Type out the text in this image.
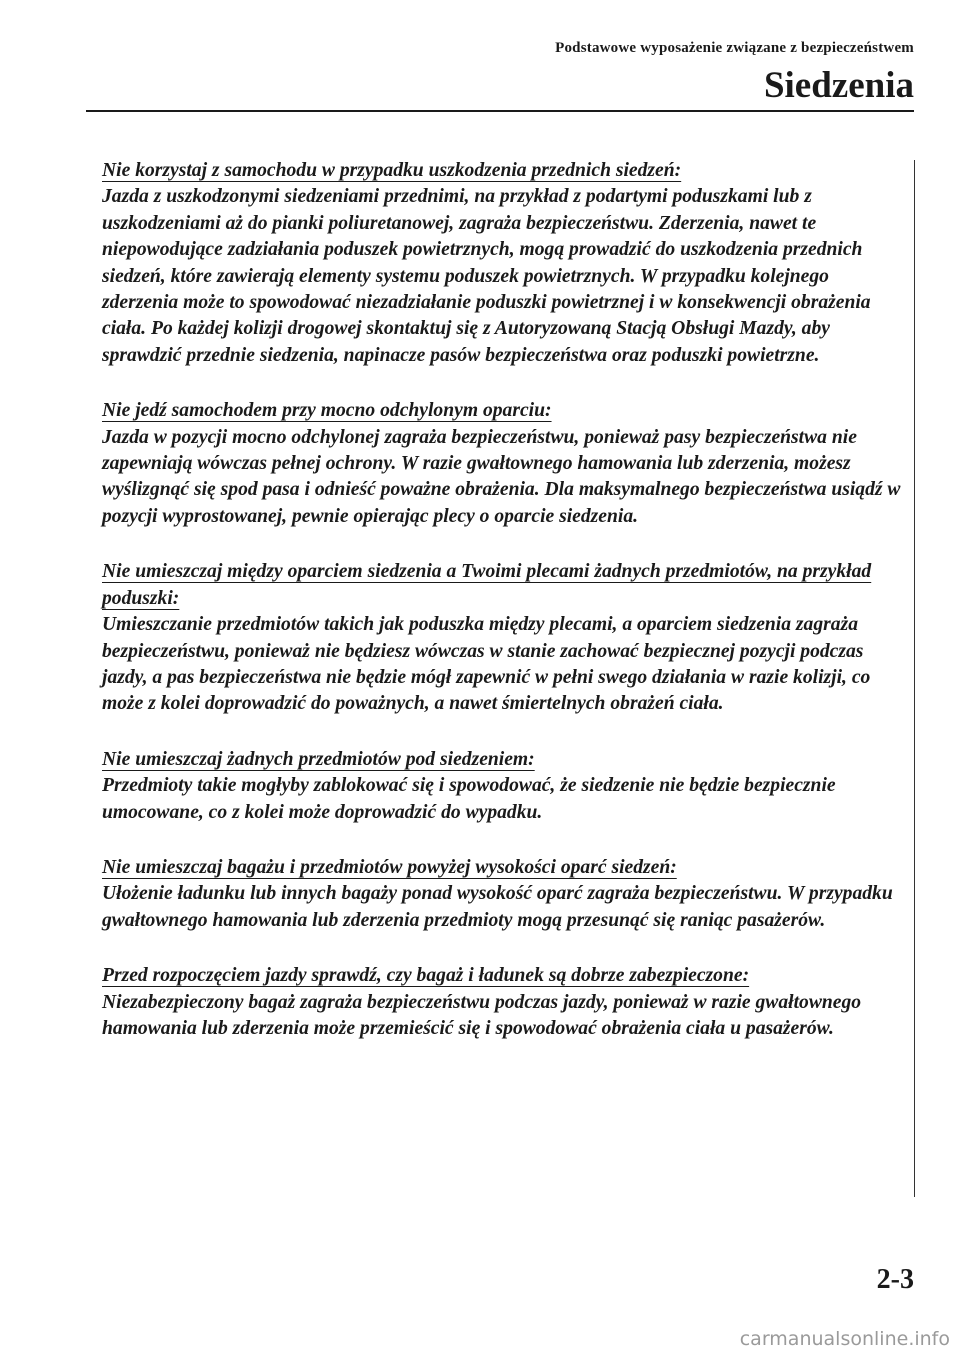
Podstawowe wyposażenie związane z bezpieczeństwem
Siedzenia
Nie korzystaj z samochodu w przypadku uszkodzenia przednich siedzeń:
Jazda z uszkodzonymi siedzeniami przednimi, na przykład z podartymi poduszkami lub z uszkodzeniami aż do pianki poliuretanowej, zagraża bezpieczeństwu. Zderzenia, nawet te niepowodujące zadziałania poduszek powietrznych, mogą prowadzić do uszkodzenia przednich siedzeń, które zawierają elementy systemu poduszek powietrznych. W przypadku kolejnego zderzenia może to spowodować niezadziałanie poduszki powietrznej i w konsekwencji obrażenia ciała. Po każdej kolizji drogowej skontaktuj się z Autoryzowaną Stacją Obsługi Mazdy, aby sprawdzić przednie siedzenia, napinacze pasów bezpieczeństwa oraz poduszki powietrzne.
Nie jedź samochodem przy mocno odchylonym oparciu:
Jazda w pozycji mocno odchylonej zagraża bezpieczeństwu, ponieważ pasy bezpieczeństwa nie zapewniają wówczas pełnej ochrony. W razie gwałtownego hamowania lub zderzenia, możesz wyślizgnąć się spod pasa i odnieść poważne obrażenia. Dla maksymalnego bezpieczeństwa usiądź w pozycji wyprostowanej, pewnie opierając plecy o oparcie siedzenia.
Nie umieszczaj między oparciem siedzenia a Twoimi plecami żadnych przedmiotów, na przykład poduszki:
Umieszczanie przedmiotów takich jak poduszka między plecami, a oparciem siedzenia zagraża bezpieczeństwu, ponieważ nie będziesz wówczas w stanie zachować bezpiecznej pozycji podczas jazdy, a pas bezpieczeństwa nie będzie mógł zapewnić w pełni swego działania w razie kolizji, co może z kolei doprowadzić do poważnych, a nawet śmiertelnych obrażeń ciała.
Nie umieszczaj żadnych przedmiotów pod siedzeniem:
Przedmioty takie mogłyby zablokować się i spowodować, że siedzenie nie będzie bezpiecznie umocowane, co z kolei może doprowadzić do wypadku.
Nie umieszczaj bagażu i przedmiotów powyżej wysokości oparć siedzeń:
Ułożenie ładunku lub innych bagaży ponad wysokość oparć zagraża bezpieczeństwu. W przypadku gwałtownego hamowania lub zderzenia przedmioty mogą przesunąć się raniąc pasażerów.
Przed rozpoczęciem jazdy sprawdź, czy bagaż i ładunek są dobrze zabezpieczone:
Niezabezpieczony bagaż zagraża bezpieczeństwu podczas jazdy, ponieważ w razie gwałtownego hamowania lub zderzenia może przemieścić się i spowodować obrażenia ciała u pasażerów.
2-3
carmanualsonline.info
